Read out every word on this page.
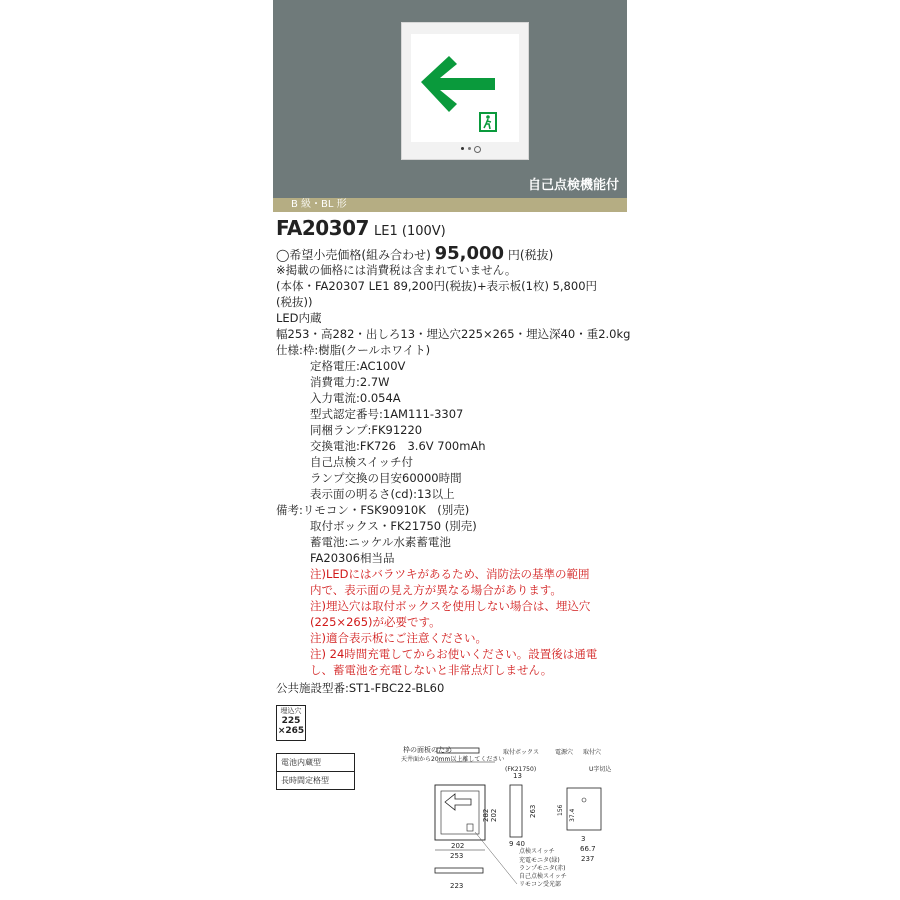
自己点検機能付
B 級・BL 形
FA20307 LE1 (100V)
◯希望小売価格(組み合わせ) 95,000 円(税抜)
※掲載の価格には消費税は含まれていません。
(本体・FA20307 LE1 89,200円(税抜)+表示板(1枚) 5,800円
(税抜))
LED内蔵
幅253・高282・出しろ13・埋込穴225×265・埋込深40・重2.0kg
仕様:枠:樹脂(クールホワイト)
定格電圧:AC100V
消費電力:2.7W
入力電流:0.054A
型式認定番号:1AM111-3307
同梱ランプ:FK91220
交換電池:FK726　3.6V 700mAh
自己点検スイッチ付
ランプ交換の目安60000時間
表示面の明るさ(cd):13以上
備考:リモコン・FSK90910K　(別売)
取付ボックス・FK21750 (別売)
蓄電池:ニッケル水素蓄電池
FA20306相当品
注)LEDにはバラツキがあるため、消防法の基準の範囲
内で、表示面の見え方が異なる場合があります。
注)埋込穴は取付ボックスを使用しない場合は、埋込穴
(225×265)が必要です。
注)適合表示板にご注意ください。
注) 24時間充電してからお使いください。設置後は通電
し、蓄電池を充電しないと非常点灯しません。
公共施設型番:ST1-FBC22-BL60
埋込穴
225
×265
電池内蔵型
長時間定格型
枠の面板のため
天井面から20mm以上離してください
282 202
202
253
13
取付ボックス
(FK21750)
263
9 40
電源穴 取付穴
U字切込
156 37.4
3
66.7
237
点検スイッチ
充電モニタ(緑)
ランプモニタ(赤)
自己点検スイッチ
リモコン受光部
223
